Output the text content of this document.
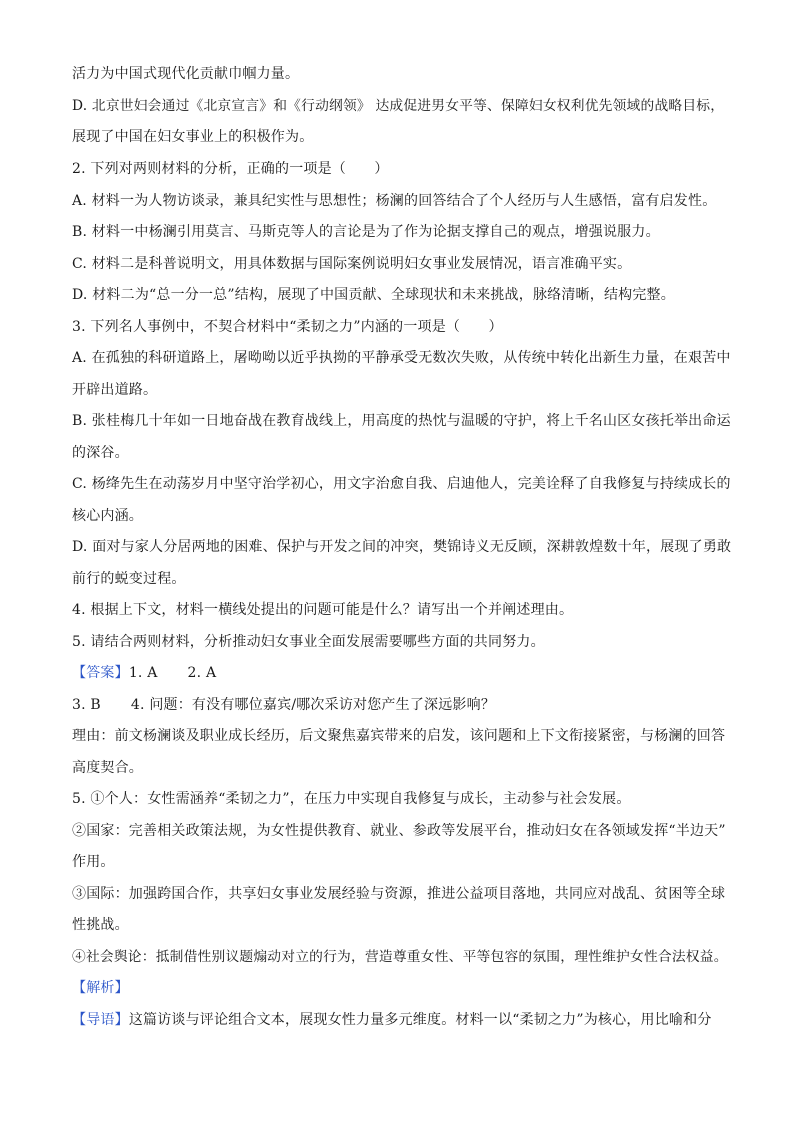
活力为中国式现代化贡献巾帼力量。
D. 北京世妇会通过《北京宣言》和《行动纲领》 达成促进男女平等、保障妇女权利优先领域的战略目标，
展现了中国在妇女事业上的积极作为。
2. 下列对两则材料的分析，正确的一项是（　　）
A. 材料一为人物访谈录，兼具纪实性与思想性；杨澜的回答结合了个人经历与人生感悟，富有启发性。
B. 材料一中杨澜引用莫言、马斯克等人的言论是为了作为论据支撑自己的观点，增强说服力。
C. 材料二是科普说明文，用具体数据与国际案例说明妇女事业发展情况，语言准确平实。
D. 材料二为“总一分一总”结构，展现了中国贡献、全球现状和未来挑战，脉络清晰，结构完整。
3. 下列名人事例中，不契合材料中“柔韧之力”内涵的一项是（　　）
A. 在孤独的科研道路上，屠呦呦以近乎执拗的平静承受无数次失败，从传统中转化出新生力量，在艰苦中
开辟出道路。
B. 张桂梅几十年如一日地奋战在教育战线上，用高度的热忱与温暖的守护，将上千名山区女孩托举出命运
的深谷。
C. 杨绛先生在动荡岁月中坚守治学初心，用文字治愈自我、启迪他人，完美诠释了自我修复与持续成长的
核心内涵。
D. 面对与家人分居两地的困难、保护与开发之间的冲突，樊锦诗义无反顾，深耕敦煌数十年，展现了勇敢
前行的蜕变过程。
4. 根据上下文，材料一横线处提出的问题可能是什么？请写出一个并阐述理由。
5. 请结合两则材料，分析推动妇女事业全面发展需要哪些方面的共同努力。
【答案】1. A 2. A
3. B 4. 问题：有没有哪位嘉宾/哪次采访对您产生了深远影响？
理由：前文杨澜谈及职业成长经历，后文聚焦嘉宾带来的启发，该问题和上下文衔接紧密，与杨澜的回答
高度契合。
5. ①个人：女性需涵养“柔韧之力”，在压力中实现自我修复与成长，主动参与社会发展。
②国家：完善相关政策法规，为女性提供教育、就业、参政等发展平台，推动妇女在各领域发挥“半边天”
作用。
③国际：加强跨国合作，共享妇女事业发展经验与资源，推进公益项目落地，共同应对战乱、贫困等全球
性挑战。
④社会舆论：抵制借性别议题煽动对立的行为，营造尊重女性、平等包容的氛围，理性维护女性合法权益。
【解析】
【导语】这篇访谈与评论组合文本，展现女性力量多元维度。材料一以“柔韧之力”为核心，用比喻和分
